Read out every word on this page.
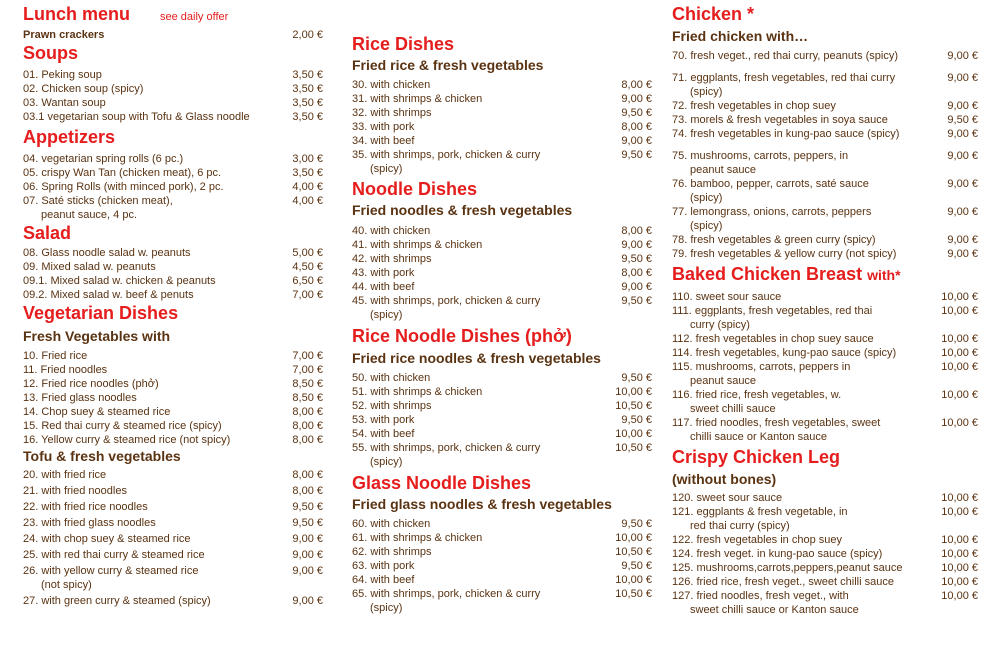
Lunch menu	see daily offer
Prawn crackers	2,00 €
Soups
01. Peking soup	3,50 €
02. Chicken soup (spicy)	3,50 €
03. Wantan soup	3,50 €
03.1 vegetarian soup with Tofu & Glass noodle	3,50 €
Appetizers
04. vegetarian spring rolls (6 pc.)	3,00 €
05. crispy Wan Tan (chicken meat), 6 pc.	3,50 €
06. Spring Rolls (with minced pork), 2 pc.	4,00 €
07. Saté sticks (chicken meat),
peanut sauce, 4 pc.
4,00 €
Salad
08. Glass noodle salad w. peanuts	5,00 €
09. Mixed salad w. peanuts	4,50 €
09.1. Mixed salad w. chicken & peanuts	6,50 €
09.2. Mixed salad w. beef & penuts	7,00 €
Vegetarian Dishes
Fresh Vegetables with
10. Fried rice	7,00 €
11. Fried noodles	7,00 €
12. Fried rice noodles (phở)	8,50 €
13. Fried glass noodles	8,50 €
14. Chop suey & steamed rice	8,00 €
15. Red thai curry & steamed rice (spicy)	8,00 €
16. Yellow curry & steamed rice (not spicy)	8,00 €
Tofu & fresh vegetables
20. with fried rice	8,00 €
21. with fried noodles	8,00 €
22. with fried rice noodles	9,50 €
23. with fried glass noodles	9,50 €
24. with chop suey & steamed rice	9,00 €
25. with red thai curry & steamed rice	9,00 €
26. with yellow curry & steamed rice
(not spicy)
9,00 €
27. with green curry & steamed (spicy)	9,00 €
Rice Dishes
Fried rice & fresh vegetables
30. with chicken	8,00 €
31. with shrimps & chicken	9,00 €
32. with shrimps	9,50 €
33. with pork	8,00 €
34. with beef	9,00 €
35. with shrimps, pork, chicken & curry
(spicy)
9,50 €
Noodle Dishes
Fried noodles & fresh vegetables
40. with chicken	8,00 €
41. with shrimps & chicken	9,00 €
42. with shrimps	9,50 €
43. with pork	8,00 €
44. with beef	9,00 €
45. with shrimps, pork, chicken & curry
(spicy)
9,50 €
Rice Noodle Dishes (phở)
Fried rice noodles & fresh vegetables
50. with chicken	9,50 €
51. with shrimps & chicken	10,00 €
52. with shrimps	10,50 €
53. with pork	9,50 €
54. with beef	10,00 €
55. with shrimps, pork, chicken & curry
(spicy)
10,50 €
Glass Noodle Dishes
Fried glass noodles & fresh vegetables
60. with chicken	9,50 €
61. with shrimps & chicken	10,00 €
62. with shrimps	10,50 €
63. with pork	9,50 €
64. with beef	10,00 €
65. with shrimps, pork, chicken & curry
(spicy)
10,50 €
Chicken *
Fried chicken with…
70. fresh veget., red thai curry, peanuts (spicy)	9,00 €
71. eggplants, fresh vegetables, red thai curry
(spicy)
9,00 €
72. fresh vegetables in chop suey	9,00 €
73. morels & fresh vegetables in soya sauce	9,50 €
74. fresh vegetables in kung-pao sauce (spicy)	9,00 €
75. mushrooms, carrots, peppers, in
peanut sauce
9,00 €
76. bamboo, pepper, carrots, saté sauce
(spicy)
9,00 €
77. lemongrass, onions, carrots, peppers
(spicy)
9,00 €
78. fresh vegetables & green curry (spicy)	9,00 €
79. fresh vegetables & yellow curry (not spicy)	9,00 €
Baked Chicken Breast with*
110. sweet sour sauce	10,00 €
111. eggplants, fresh vegetables, red thai
curry (spicy)
10,00 €
112. fresh vegetables in chop suey sauce	10,00 €
114. fresh vegetables, kung-pao sauce (spicy)	10,00 €
115. mushrooms, carrots, peppers in
peanut sauce
10,00 €
116. fried rice, fresh vegetables, w.
sweet chilli sauce
10,00 €
117. fried noodles, fresh vegetables, sweet
chilli sauce or Kanton sauce
10,00 €
Crispy Chicken Leg
(without bones)
120. sweet sour sauce	10,00 €
121. eggplants & fresh vegetable, in
red thai curry (spicy)
10,00 €
122. fresh vegetables in chop suey	10,00 €
124. fresh veget. in kung-pao sauce (spicy)	10,00 €
125. mushrooms,carrots,peppers,peanut sauce	10,00 €
126. fried rice, fresh veget., sweet chilli sauce	10,00 €
127. fried noodles, fresh veget., with
sweet chilli sauce or Kanton sauce
10,00 €
